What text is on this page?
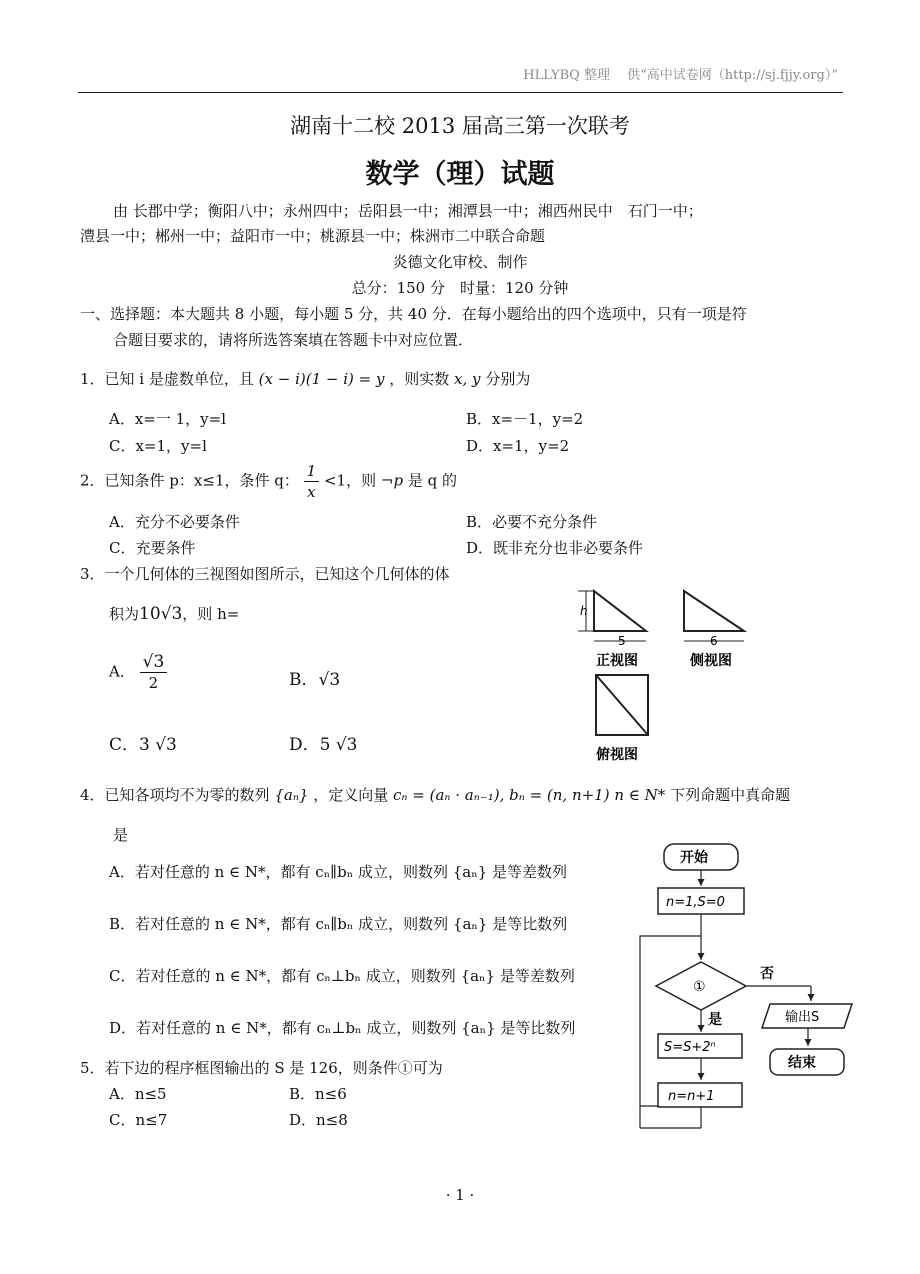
HLLYBQ 整理　 供“高中试卷网（http://sj.fjjy.org）”
湖南十二校 2013 届高三第一次联考
数学（理）试题
由 长郡中学；衡阳八中；永州四中；岳阳县一中；湘潭县一中；湘西州民中　石门一中；
澧县一中；郴州一中；益阳市一中；桃源县一中；株洲市二中联合命题
炎德文化审校、制作
总分：150 分　时量：120 分钟
一、选择题：本大题共 8 小题，每小题 5 分，共 40 分．在每小题给出的四个选项中，只有一项是符
合题目要求的，请将所选答案填在答题卡中对应位置．
1．已知 i 是虚数单位，且 (x − i)(1 − i) = y ，则实数 x, y 分别为
A．x=一 1，y=l	B．x=－1，y=2
C．x=1，y=l	D．x=1，y=2
2．已知条件 p：x≤1，条件 q： $\frac{1}{x} <1$，则 ¬p 是 q 的
A．充分不必要条件	B．必要不充分条件
C．充要条件	D．既非充分也非必要条件
3．一个几何体的三视图如图所示，已知这个几何体的体
积为10√3，则 h=
A． $\frac{√3}{2}$	B．√3
C．3 √3	D．5 √3
h
5
正视图
6
侧视图
俯视图
4．已知各项均不为零的数列 {aₙ} ，定义向量 cₙ = (aₙ · aₙ₋₁), bₙ = (n, n+1) n ∈ N* 下列命题中真命题
是
A．若对任意的 n ∈ N*，都有 cₙ∥bₙ 成立，则数列 {aₙ} 是等差数列
B．若对任意的 n ∈ N*，都有 cₙ∥bₙ 成立，则数列 {aₙ} 是等比数列
C．若对任意的 n ∈ N*，都有 cₙ⊥bₙ 成立，则数列 {aₙ} 是等差数列
D．若对任意的 n ∈ N*，都有 cₙ⊥bₙ 成立，则数列 {aₙ} 是等比数列
5．若下边的程序框图输出的 S 是 126，则条件①可为
A．n≤5	B．n≤6
C．n≤7	D．n≤8
开始
n=1,S=0
①
否
输出S
结束
是
S=S+2ⁿ
n=n+1
· 1 ·
